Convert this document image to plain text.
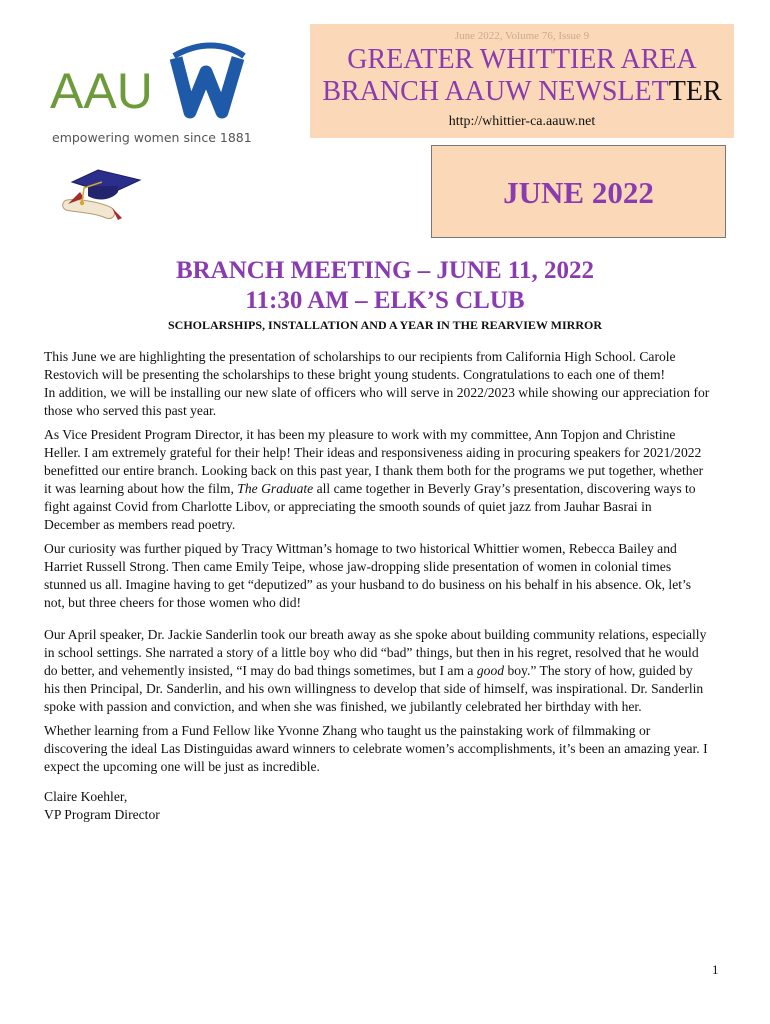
AAU
empowering women since 1881
June 2022, Volume 76, Issue 9
GREATER WHITTIER AREA
BRANCH AAUW NEWSLETTER
http://whittier-ca.aauw.net
JUNE 2022
BRANCH MEETING – JUNE 11, 2022
11:30 AM – ELK’S CLUB
SCHOLARSHIPS, INSTALLATION AND A YEAR IN THE REARVIEW MIRROR

This June we are highlighting the presentation of scholarships to our recipients from California High School. Carole Restovich will be presenting the scholarships to these bright young students. Congratulations to each one of them!
In addition, we will be installing our new slate of officers who will serve in 2022/2023 while showing our appreciation for those who served this past year.

As Vice President Program Director, it has been my pleasure to work with my committee, Ann Topjon and Christine Heller. I am extremely grateful for their help! Their ideas and responsiveness aiding in procuring speakers for 2021/2022 benefitted our entire branch. Looking back on this past year, I thank them both for the programs we put together, whether it was learning about how the film, The Graduate all came together in Beverly Gray’s presentation, discovering ways to fight against Covid from Charlotte Libov, or appreciating the smooth sounds of quiet jazz from Jauhar Basrai in December as members read poetry.

Our curiosity was further piqued by Tracy Wittman’s homage to two historical Whittier women, Rebecca Bailey and Harriet Russell Strong. Then came Emily Teipe, whose jaw-dropping slide presentation of women in colonial times stunned us all. Imagine having to get “deputized” as your husband to do business on his behalf in his absence. Ok, let’s not, but three cheers for those women who did!

Our April speaker, Dr. Jackie Sanderlin took our breath away as she spoke about building community relations, especially in school settings. She narrated a story of a little boy who did “bad” things, but then in his regret, resolved that he would do better, and vehemently insisted, “I may do bad things sometimes, but I am a good boy.” The story of how, guided by his then Principal, Dr. Sanderlin, and his own willingness to develop that side of himself, was inspirational. Dr. Sanderlin spoke with passion and conviction, and when she was finished, we jubilantly celebrated her birthday with her.

Whether learning from a Fund Fellow like Yvonne Zhang who taught us the painstaking work of filmmaking or discovering the ideal Las Distinguidas award winners to celebrate women’s accomplishments, it’s been an amazing year. I expect the upcoming one will be just as incredible.

Claire Koehler,
VP Program Director
1
